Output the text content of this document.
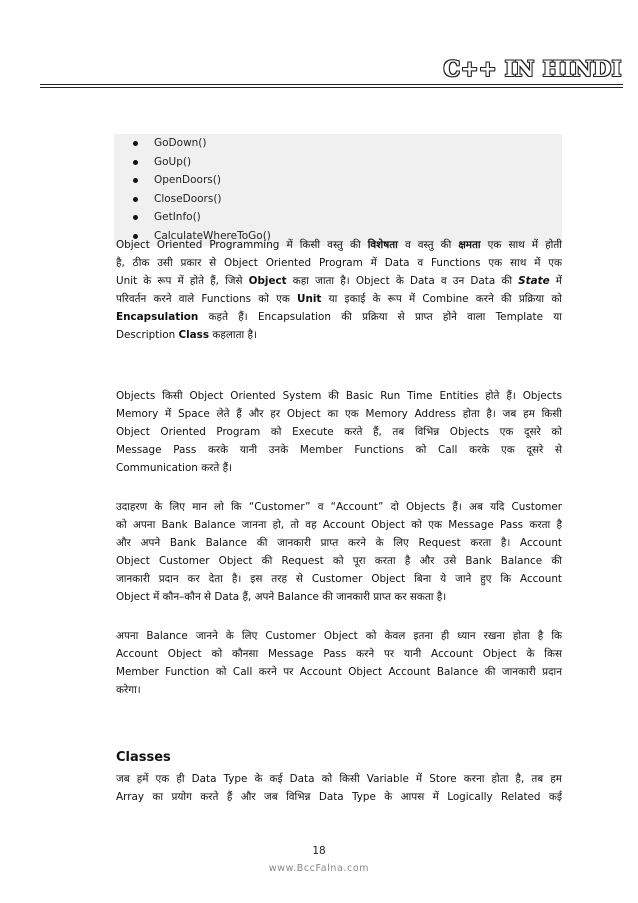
C++ IN HINDI
GoDown()
GoUp()
OpenDoors()
CloseDoors()
GetInfo()
CalculateWhereToGo()
Object Oriented Programming में किसी वस्तु की विशेषता व वस्तु की क्षमता एक साथ में होती
है, ठीक उसी प्रकार से Object Oriented Program में Data व Functions एक साथ में एक
Unit के रूप में होते हैं, जिसे Object कहा जाता है। Object के Data व उन Data की State में
परिवर्तन करने वाले Functions को एक Unit या इकाई के रूप में Combine करने की प्रक्रिया को
Encapsulation कहते हैं। Encapsulation की प्रक्रिया से प्राप्त होने वाला Template या
Description Class कहलाता है।
Objects किसी Object Oriented System की Basic Run Time Entities होते हैं। Objects
Memory में Space लेते हैं और हर Object का एक Memory Address होता है। जब हम किसी
Object Oriented Program को Execute करते हैं, तब विभिन्न Objects एक दूसरे को
Message Pass करके यानी उनके Member Functions को Call करके एक दूसरे से
Communication करते हैं।
उदाहरण के लिए मान लो कि “Customer” व “Account” दो Objects हैं। अब यदि Customer
को अपना Bank Balance जानना हो, तो वह Account Object को एक Message Pass करता है
और अपने Bank Balance की जानकारी प्राप्त करने के लिए Request करता है। Account
Object Customer Object की Request को पूरा करता है और उसे Bank Balance की
जानकारी प्रदान कर देता है। इस तरह से Customer Object बिना ये जाने हुए कि Account
Object में कौन–कौन से Data हैं, अपने Balance की जानकारी प्राप्त कर सकता है।
अपना Balance जानने के लिए Customer Object को केवल इतना ही ध्यान रखना होता है कि
Account Object को कौनसा Message Pass करने पर यानी Account Object के किस
Member Function को Call करने पर Account Object Account Balance की जानकारी प्रदान
करेगा।
Classes
जब हमें एक ही Data Type के कई Data को किसी Variable में Store करना होता है, तब हम
Array का प्रयोग करते हैं और जब विभिन्न Data Type के आपस में Logically Related कई
18
www.BccFalna.com
